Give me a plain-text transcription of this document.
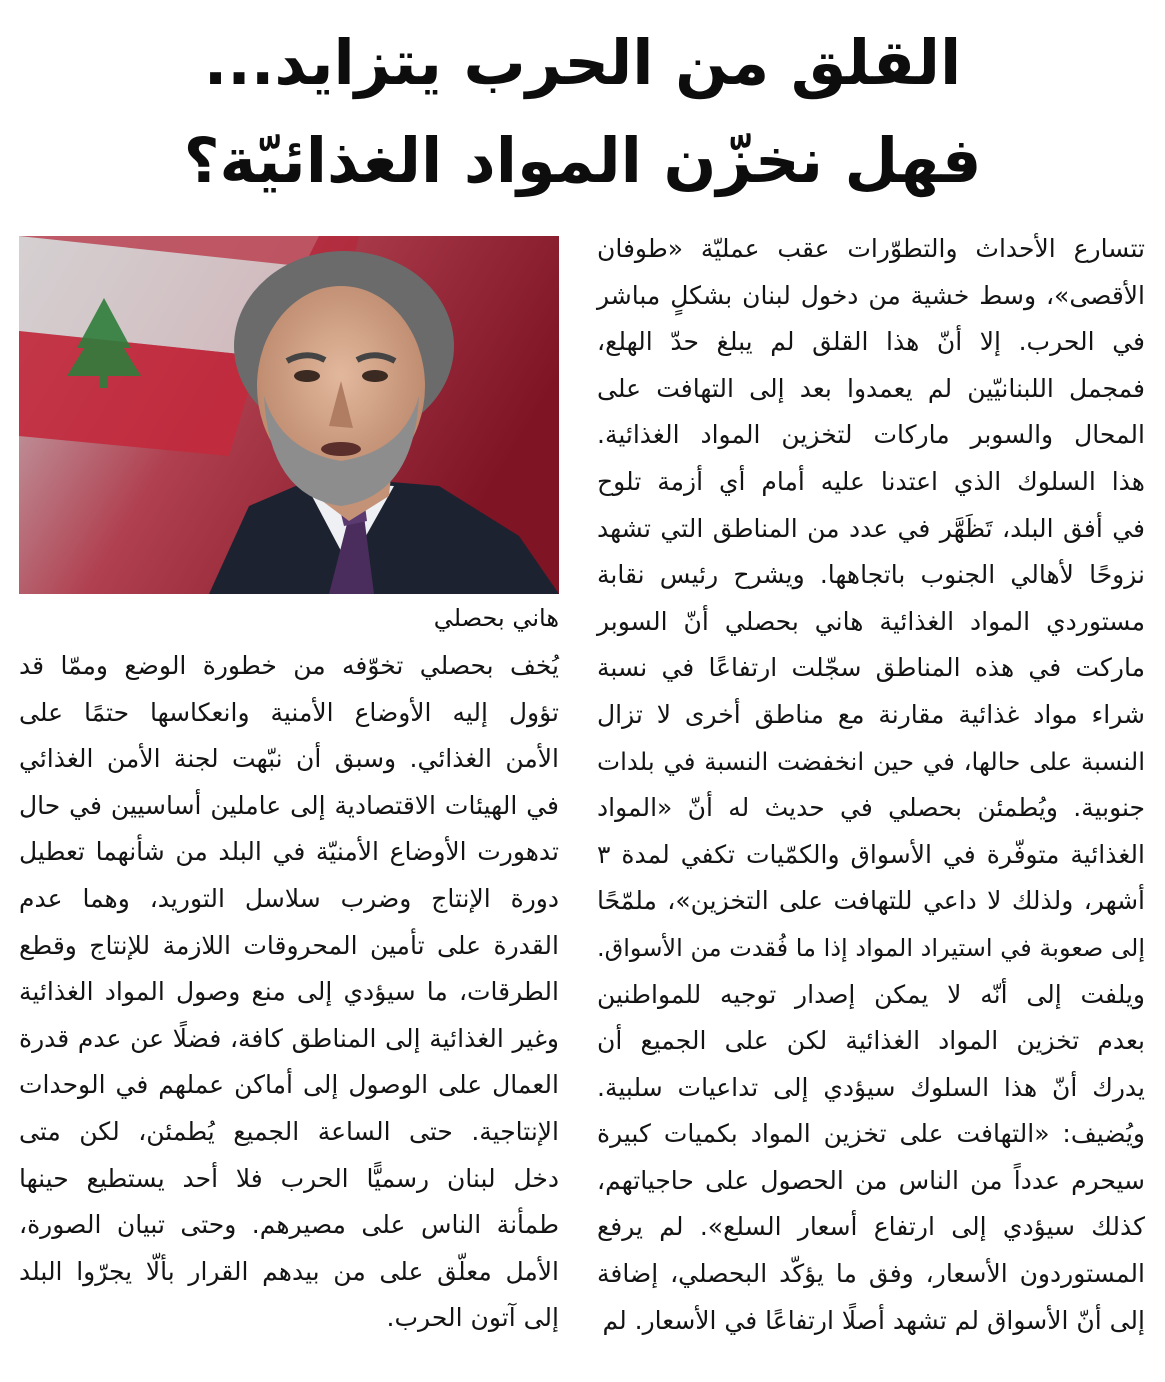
القلق من الحرب يتزايد...
فهل نخزّن المواد الغذائيّة؟
هاني بحصلي
تتسارع الأحداث والتطوّرات عقب عمليّة «طوفان
الأقصى»، وسط خشية من دخول لبنان بشكلٍ مباشر
في الحرب. إلا أنّ هذا القلق لم يبلغ حدّ الهلع،
فمجمل اللبنانيّين لم يعمدوا بعد إلى التهافت على
المحال والسوبر ماركات لتخزين المواد الغذائية.
هذا السلوك الذي اعتدنا عليه أمام أي أزمة تلوح
في أفق البلد، تَظَهَّر في عدد من المناطق التي تشهد
نزوحًا لأهالي الجنوب باتجاهها. ويشرح رئيس نقابة
مستوردي المواد الغذائية هاني بحصلي أنّ السوبر
ماركت في هذه المناطق سجّلت ارتفاعًا في نسبة
شراء مواد غذائية مقارنة مع مناطق أخرى لا تزال
النسبة على حالها، في حين انخفضت النسبة في بلدات
جنوبية. ويُطمئن بحصلي في حديث له أنّ «المواد
الغذائية متوفّرة في الأسواق والكمّيات تكفي لمدة ٣
أشهر، ولذلك لا داعي للتهافت على التخزين»، ملمّحًا
إلى صعوبة في استيراد المواد إذا ما فُقدت من الأسواق.
ويلفت إلى أنّه لا يمكن إصدار توجيه للمواطنين
بعدم تخزين المواد الغذائية لكن على الجميع أن
يدرك أنّ هذا السلوك سيؤدي إلى تداعيات سلبية.
ويُضيف: «التهافت على تخزين المواد بكميات كبيرة
سيحرم عدداً من الناس من الحصول على حاجياتهم،
كذلك سيؤدي إلى ارتفاع أسعار السلع». لم يرفع
المستوردون الأسعار، وفق ما يؤكّد البحصلي، إضافة
إلى أنّ الأسواق لم تشهد أصلًا ارتفاعًا في الأسعار. لم
يُخف بحصلي تخوّفه من خطورة الوضع وممّا قد
تؤول إليه الأوضاع الأمنية وانعكاسها حتمًا على
الأمن الغذائي. وسبق أن نبّهت لجنة الأمن الغذائي
في الهيئات الاقتصادية إلى عاملين أساسيين في حال
تدهورت الأوضاع الأمنيّة في البلد من شأنهما تعطيل
دورة الإنتاج وضرب سلاسل التوريد، وهما عدم
القدرة على تأمين المحروقات اللازمة للإنتاج وقطع
الطرقات، ما سيؤدي إلى منع وصول المواد الغذائية
وغير الغذائية إلى المناطق كافة، فضلًا عن عدم قدرة
العمال على الوصول إلى أماكن عملهم في الوحدات
الإنتاجية. حتى الساعة الجميع يُطمئن، لكن متى
دخل لبنان رسميًّا الحرب فلا أحد يستطيع حينها
طمأنة الناس على مصيرهم. وحتى تبيان الصورة،
الأمل معلّق على من بيدهم القرار بألّا يجرّوا البلد
إلى آتون الحرب.
